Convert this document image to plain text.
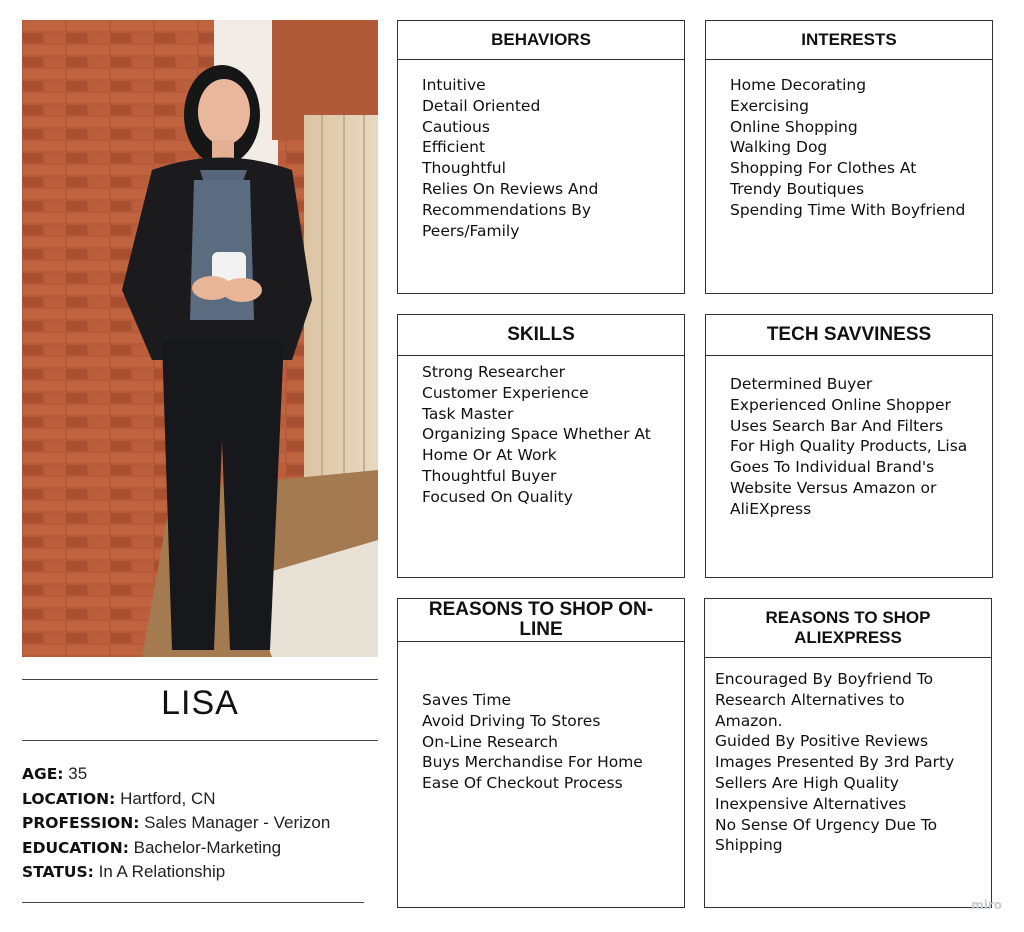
LISA
AGE: 35
LOCATION: Hartford, CN
PROFESSION: Sales Manager - Verizon
EDUCATION: Bachelor-Marketing
STATUS: In A Relationship
BEHAVIORS
Intuitive
Detail Oriented
Cautious
Efficient
Thoughtful
Relies On Reviews And
Recommendations By
Peers/Family
INTERESTS
Home Decorating
Exercising
Online Shopping
Walking Dog
Shopping For Clothes At
Trendy Boutiques
Spending Time With Boyfriend
SKILLS
Strong Researcher
Customer Experience
Task Master
Organizing Space Whether At
Home Or At Work
Thoughtful Buyer
Focused On Quality
TECH SAVVINESS
Determined Buyer
Experienced Online Shopper
Uses Search Bar And Filters
For High Quality Products, Lisa
Goes To Individual Brand's
Website Versus Amazon or
AliEXpress
REASONS TO SHOP ON-LINE
Saves Time
Avoid Driving To Stores
On-Line Research
Buys Merchandise For Home
Ease Of Checkout Process
REASONS TO SHOP
ALIEXPRESS
Encouraged By Boyfriend To
Research Alternatives to
Amazon.
Guided By Positive Reviews
Images Presented By 3rd Party
Sellers Are High Quality
Inexpensive Alternatives
No Sense Of Urgency Due To
Shipping
miro
